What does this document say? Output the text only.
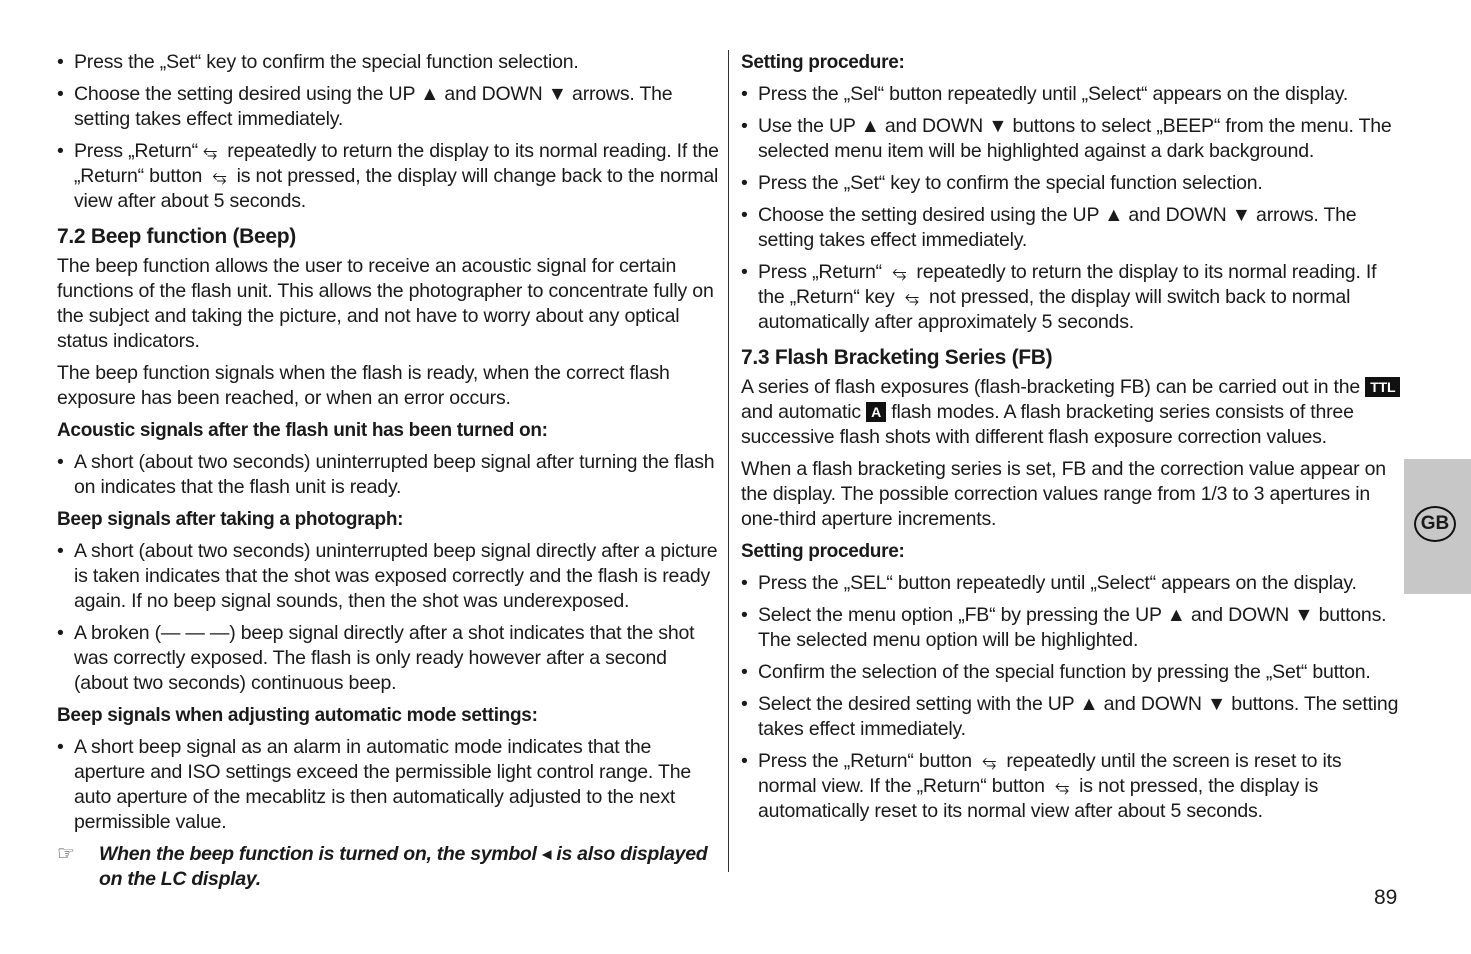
• Press the „Set“ key to confirm the special function selection.
• Choose the setting desired using the UP ▲ and DOWN ▼ arrows. The setting takes effect immediately.
• Press „Return“ ⥃ repeatedly to return the display to its normal reading. If the „Return“ button ⥃ is not pressed, the display will change back to the normal view after about 5 seconds.
7.2 Beep function (Beep)
The beep function allows the user to receive an acoustic signal for certain functions of the flash unit. This allows the photographer to concentrate fully on the subject and taking the picture, and not have to worry about any optical status indicators.
The beep function signals when the flash is ready, when the correct flash exposure has been reached, or when an error occurs.
Acoustic signals after the flash unit has been turned on:
• A short (about two seconds) uninterrupted beep signal after turning the flash on indicates that the flash unit is ready.
Beep signals after taking a photograph:
• A short (about two seconds) uninterrupted beep signal directly after a picture is taken indicates that the shot was exposed correctly and the flash is ready again. If no beep signal sounds, then the shot was underexposed.
• A broken (— — —) beep signal directly after a shot indicates that the shot was correctly exposed. The flash is only ready however after a second (about two seconds) continuous beep.
Beep signals when adjusting automatic mode settings:
• A short beep signal as an alarm in automatic mode indicates that the aperture and ISO settings exceed the permissible light control range. The auto aperture of the mecablitz is then automatically adjusted to the next permissible value.
☞ When the beep function is turned on, the symbol ◂ is also displayed on the LC display.
Setting procedure:
• Press the „Sel“ button repeatedly until „Select“ appears on the display.
• Use the UP ▲ and DOWN ▼ buttons to select „BEEP“ from the menu. The selected menu item will be highlighted against a dark background.
• Press the „Set“ key to confirm the special function selection.
• Choose the setting desired using the UP ▲ and DOWN ▼ arrows. The setting takes effect immediately.
• Press „Return“ ⥃ repeatedly to return the display to its normal reading. If the „Return“ key ⥃ not pressed, the display will switch back to normal automatically after approximately 5 seconds.
7.3 Flash Bracketing Series (FB)
A series of flash exposures (flash-bracketing FB) can be carried out in the TTL and automatic A flash modes. A flash bracketing series consists of three successive flash shots with different flash exposure correction values.
When a flash bracketing series is set, FB and the correction value appear on the display. The possible correction values range from 1/3 to 3 apertures in one-third aperture increments.
Setting procedure:
• Press the „SEL“ button repeatedly until „Select“ appears on the display.
• Select the menu option „FB“ by pressing the UP ▲ and DOWN ▼ buttons. The selected menu option will be highlighted.
• Confirm the selection of the special function by pressing the „Set“ button.
• Select the desired setting with the UP ▲ and DOWN ▼ buttons. The setting takes effect immediately.
• Press the „Return“ button ⥃ repeatedly until the screen is reset to its normal view. If the „Return“ button ⥃ is not pressed, the display is automatically reset to its normal view after about 5 seconds.
GB
89
